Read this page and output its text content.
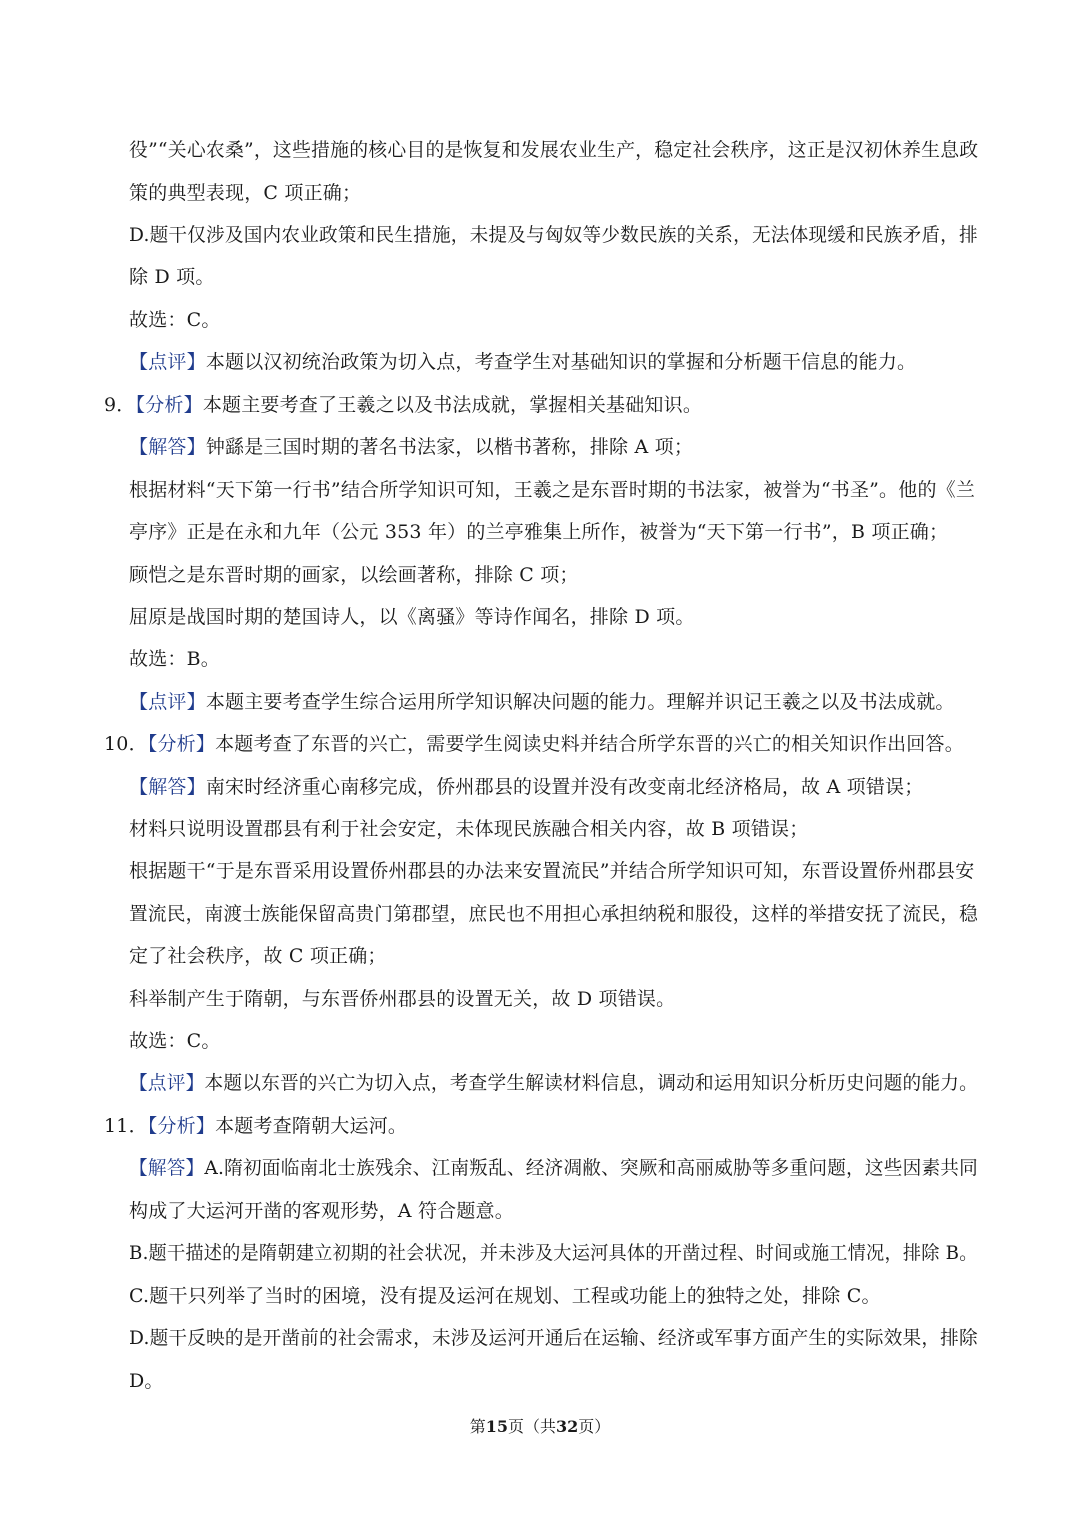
役”“关心农桑”，这些措施的核心目的是恢复和发展农业生产，稳定社会秩序，这正是汉初休养生息政
策的典型表现，C 项正确；
D.题干仅涉及国内农业政策和民生措施，未提及与匈奴等少数民族的关系，无法体现缓和民族矛盾，排
除 D 项。
故选：C。
【点评】本题以汉初统治政策为切入点，考查学生对基础知识的掌握和分析题干信息的能力。
9．【分析】本题主要考查了王羲之以及书法成就，掌握相关基础知识。
【解答】钟繇是三国时期的著名书法家，以楷书著称，排除 A 项；
根据材料“天下第一行书”结合所学知识可知，王羲之是东晋时期的书法家，被誉为“书圣”。他的《兰
亭序》正是在永和九年（公元 353 年）的兰亭雅集上所作，被誉为“天下第一行书”，B 项正确；
顾恺之是东晋时期的画家，以绘画著称，排除 C 项；
屈原是战国时期的楚国诗人，以《离骚》等诗作闻名，排除 D 项。
故选：B。
【点评】本题主要考查学生综合运用所学知识解决问题的能力。理解并识记王羲之以及书法成就。
10．【分析】本题考查了东晋的兴亡，需要学生阅读史料并结合所学东晋的兴亡的相关知识作出回答。
【解答】南宋时经济重心南移完成，侨州郡县的设置并没有改变南北经济格局，故 A 项错误；
材料只说明设置郡县有利于社会安定，未体现民族融合相关内容，故 B 项错误；
根据题干“于是东晋采用设置侨州郡县的办法来安置流民”并结合所学知识可知，东晋设置侨州郡县安
置流民，南渡士族能保留高贵门第郡望，庶民也不用担心承担纳税和服役，这样的举措安抚了流民，稳
定了社会秩序，故 C 项正确；
科举制产生于隋朝，与东晋侨州郡县的设置无关，故 D 项错误。
故选：C。
【点评】本题以东晋的兴亡为切入点，考查学生解读材料信息，调动和运用知识分析历史问题的能力。
11．【分析】本题考查隋朝大运河。
【解答】A.隋初面临南北士族残余、江南叛乱、经济凋敝、突厥和高丽威胁等多重问题，这些因素共同
构成了大运河开凿的客观形势，A 符合题意。
B.题干描述的是隋朝建立初期的社会状况，并未涉及大运河具体的开凿过程、时间或施工情况，排除 B。
C.题干只列举了当时的困境，没有提及运河在规划、工程或功能上的独特之处，排除 C。
D.题干反映的是开凿前的社会需求，未涉及运河开通后在运输、经济或军事方面产生的实际效果，排除
D。
第15页（共32页）
